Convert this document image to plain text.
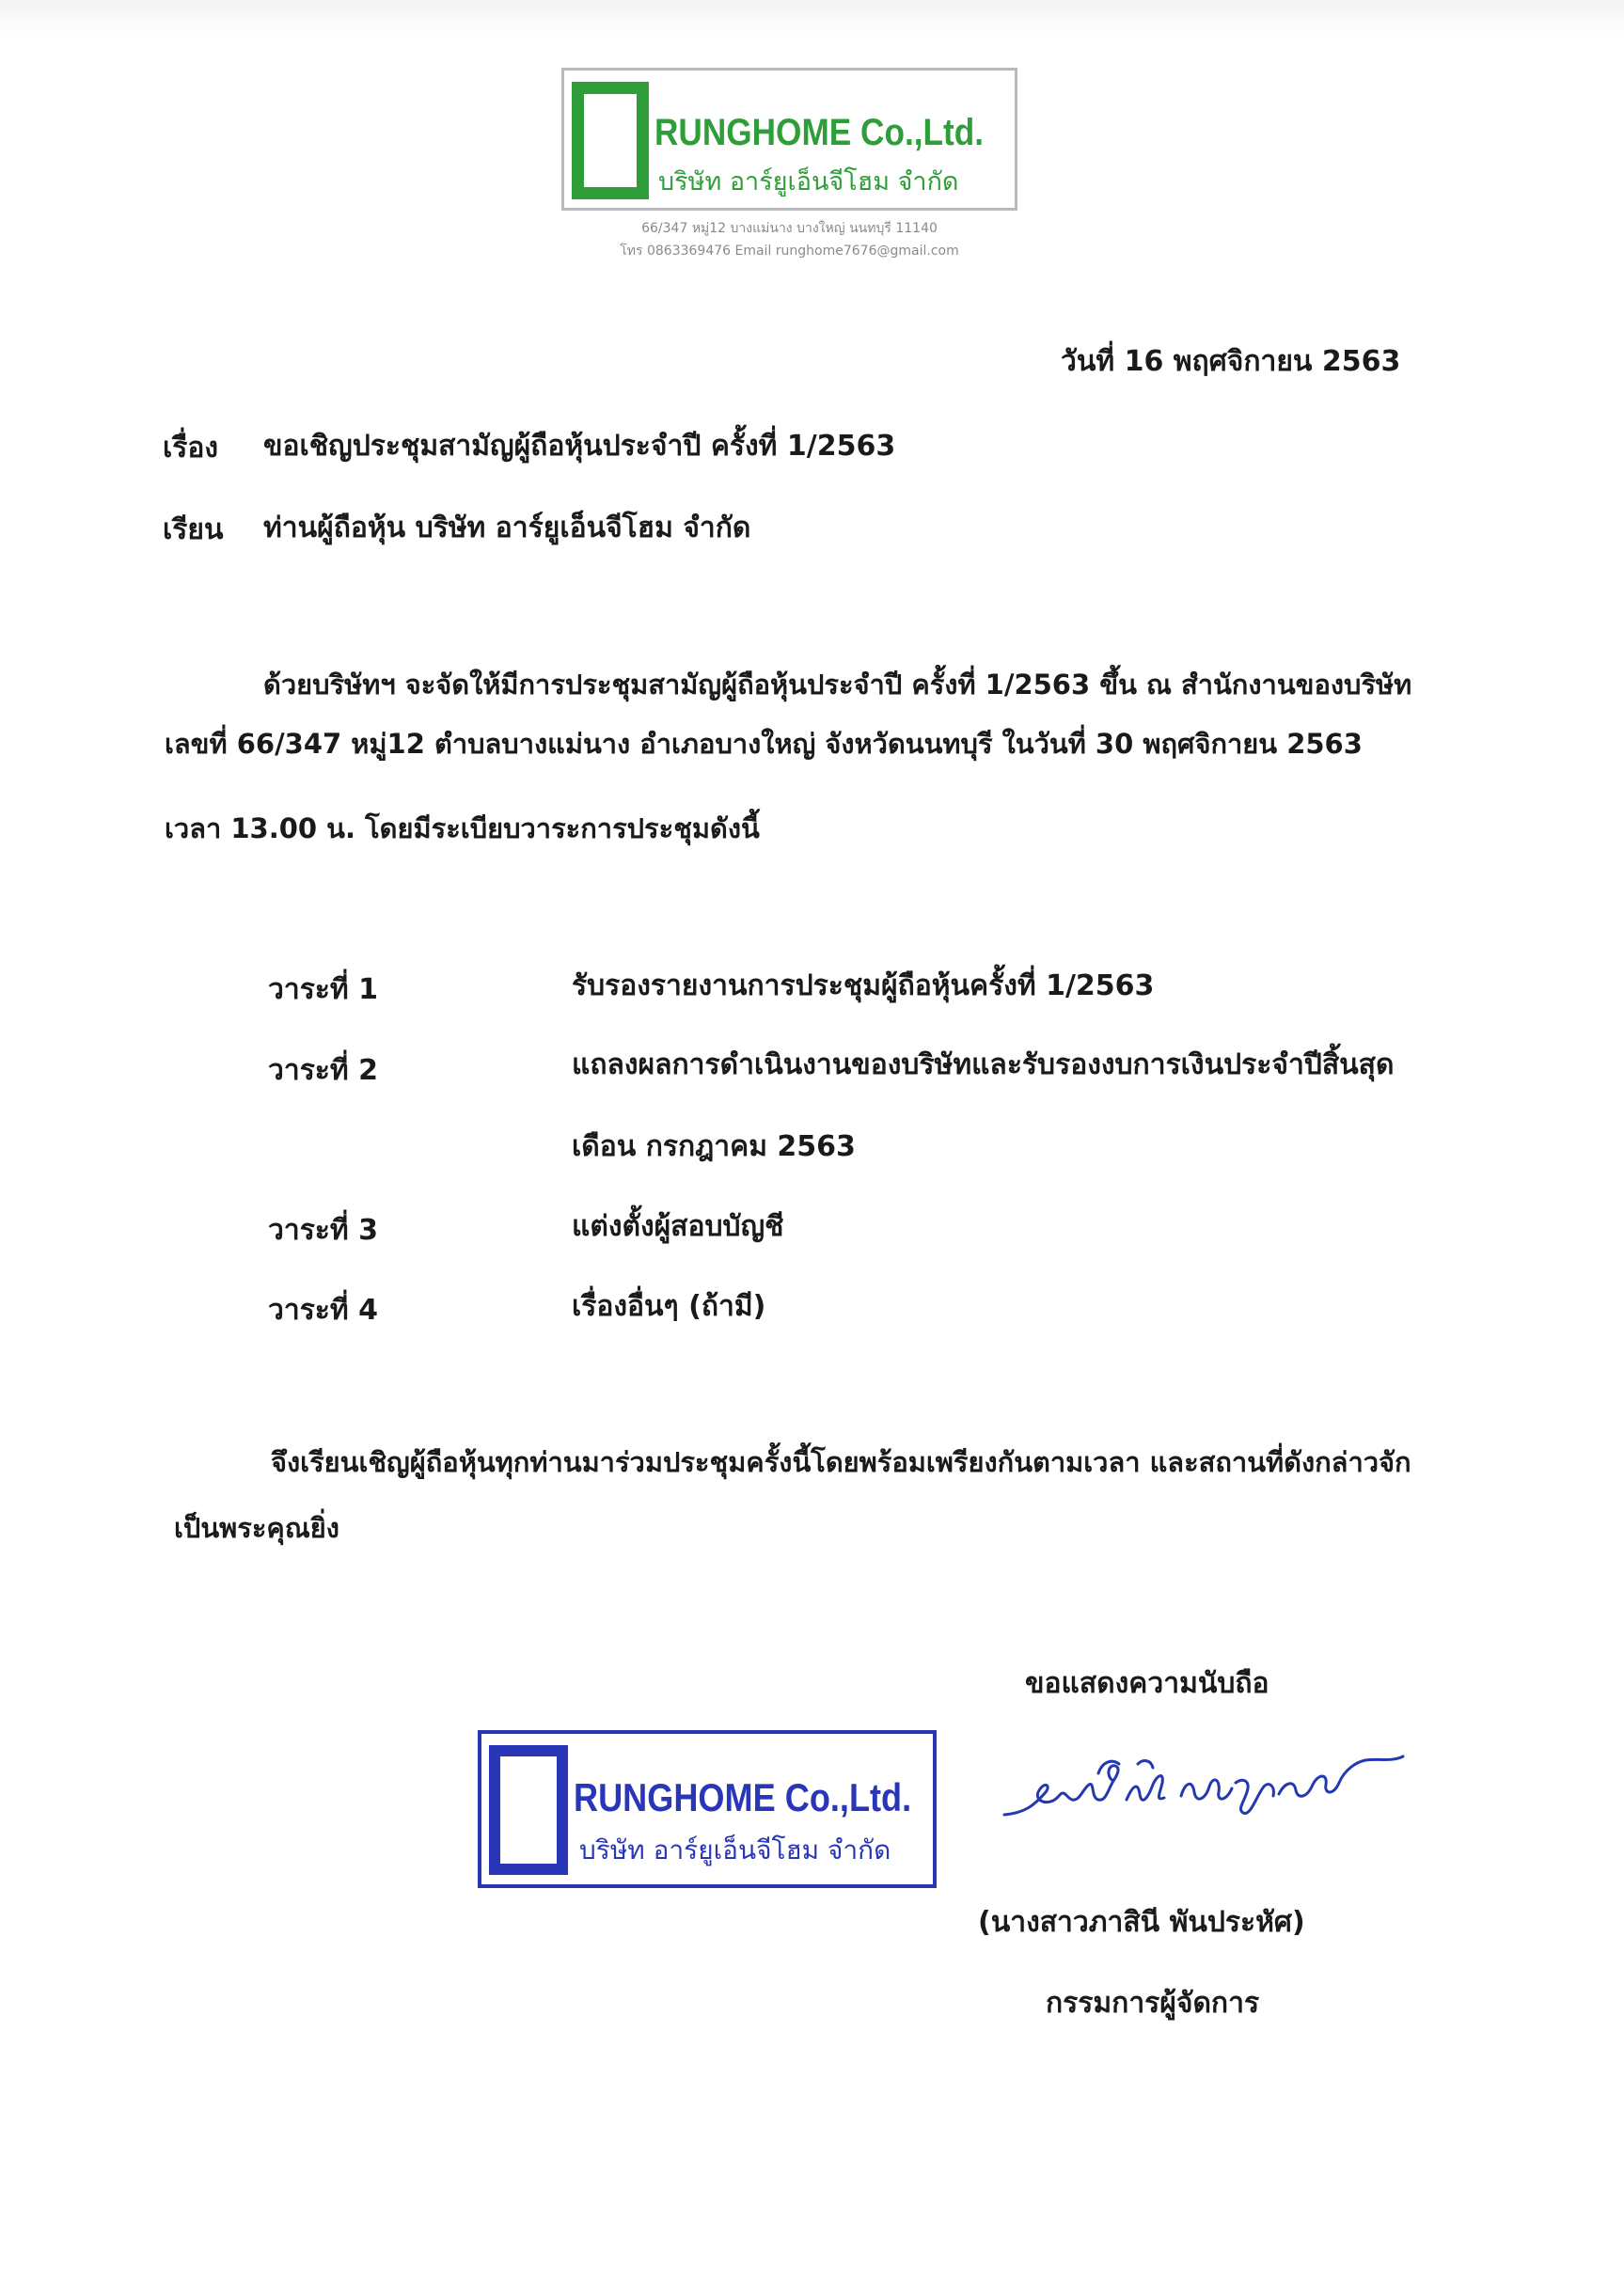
RUNGHOME Co.,Ltd.
บริษัท อาร์ยูเอ็นจีโฮม จำกัด
66/347 หมู่12 บางแม่นาง บางใหญ่ นนทบุรี 11140
โทร 0863369476 Email runghome7676@gmail.com
วันที่ 16 พฤศจิกายน 2563
เรื่อง ขอเชิญประชุมสามัญผู้ถือหุ้นประจำปี ครั้งที่ 1/2563
เรียน ท่านผู้ถือหุ้น บริษัท อาร์ยูเอ็นจีโฮม จำกัด
ด้วยบริษัทฯ จะจัดให้มีการประชุมสามัญผู้ถือหุ้นประจำปี ครั้งที่ 1/2563 ขึ้น ณ สำนักงานของบริษัท
เลขที่ 66/347 หมู่12 ตำบลบางแม่นาง อำเภอบางใหญ่ จังหวัดนนทบุรี ในวันที่ 30 พฤศจิกายน 2563
เวลา 13.00 น. โดยมีระเบียบวาระการประชุมดังนี้
วาระที่ 1	รับรองรายงานการประชุมผู้ถือหุ้นครั้งที่ 1/2563
วาระที่ 2	แถลงผลการดำเนินงานของบริษัทและรับรองงบการเงินประจำปีสิ้นสุด
เดือน กรกฎาคม 2563
วาระที่ 3	แต่งตั้งผู้สอบบัญชี
วาระที่ 4	เรื่องอื่นๆ (ถ้ามี)
จึงเรียนเชิญผู้ถือหุ้นทุกท่านมาร่วมประชุมครั้งนี้โดยพร้อมเพรียงกันตามเวลา และสถานที่ดังกล่าวจัก
เป็นพระคุณยิ่ง
ขอแสดงความนับถือ
RUNGHOME Co.,Ltd.
บริษัท อาร์ยูเอ็นจีโฮม จำกัด
(นางสาวภาสินี พันประหัศ)
กรรมการผู้จัดการ
